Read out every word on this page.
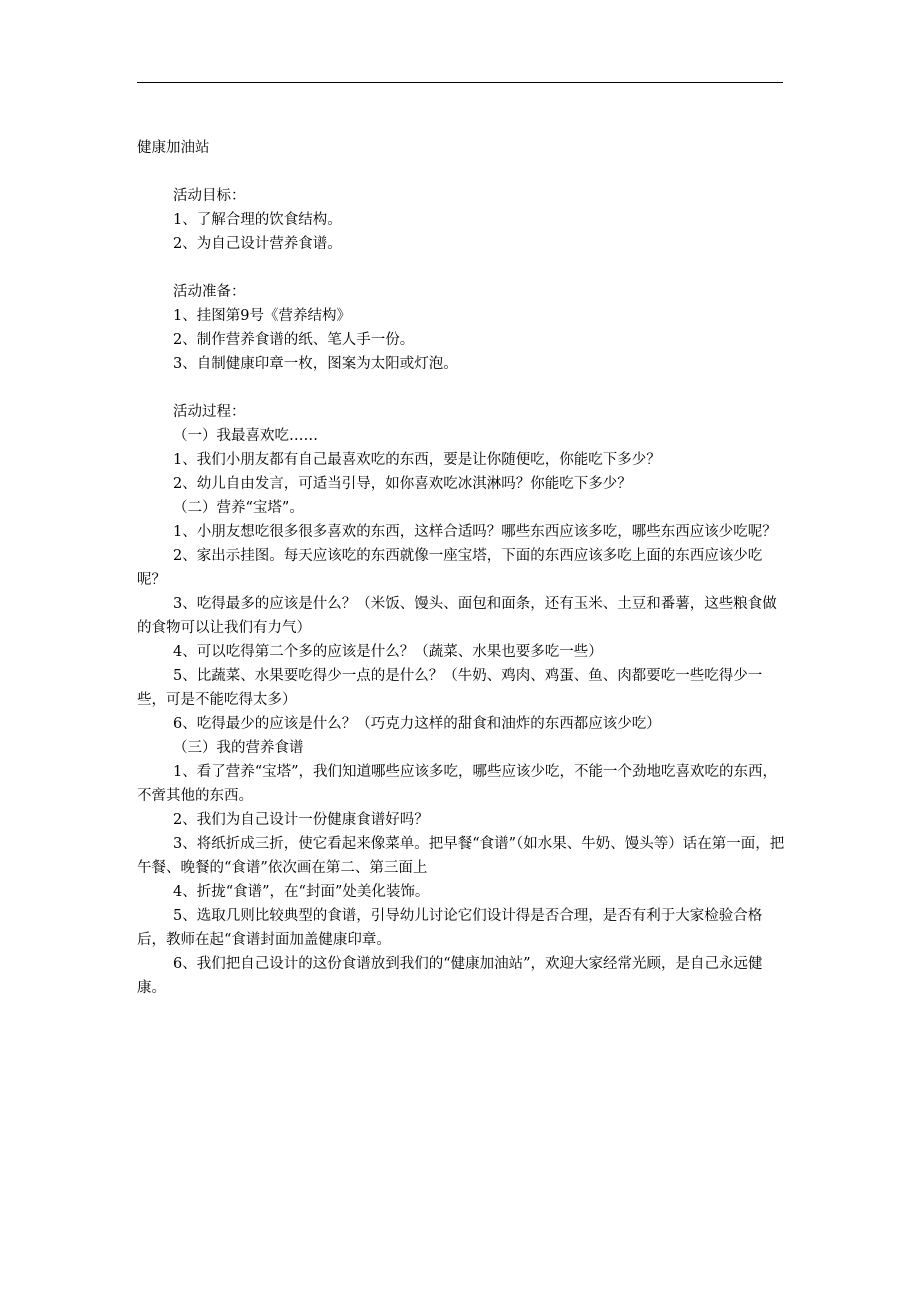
健康加油站

活动目标：

1、了解合理的饮食结构。

2、为自己设计营养食谱。

活动准备：

1、挂图第9号《营养结构》

2、制作营养食谱的纸、笔人手一份。

3、自制健康印章一枚，图案为太阳或灯泡。

活动过程：

（一）我最喜欢吃……

1、我们小朋友都有自己最喜欢吃的东西，要是让你随便吃，你能吃下多少？

2、幼儿自由发言，可适当引导，如你喜欢吃冰淇淋吗？你能吃下多少？

（二）营养“宝塔”。

1、小朋友想吃很多很多喜欢的东西，这样合适吗？哪些东西应该多吃，哪些东西应该少吃呢？

2、家出示挂图。每天应该吃的东西就像一座宝塔，下面的东西应该多吃上面的东西应该少吃呢？

3、吃得最多的应该是什么？（米饭、馒头、面包和面条，还有玉米、土豆和番薯，这些粮食做的食物可以让我们有力气）

4、可以吃得第二个多的应该是什么？（蔬菜、水果也要多吃一些）

5、比蔬菜、水果要吃得少一点的是什么？（牛奶、鸡肉、鸡蛋、鱼、肉都要吃一些吃得少一些，可是不能吃得太多）

6、吃得最少的应该是什么？（巧克力这样的甜食和油炸的东西都应该少吃）

（三）我的营养食谱

1、看了营养“宝塔”，我们知道哪些应该多吃，哪些应该少吃，不能一个劲地吃喜欢吃的东西，不啻其他的东西。

2、我们为自己设计一份健康食谱好吗？

3、将纸折成三折，使它看起来像菜单。把早餐“食谱”（如水果、牛奶、馒头等）话在第一面，把午餐、晚餐的“食谱”依次画在第二、第三面上

4、折拢“食谱”，在“封面”处美化装饰。

5、选取几则比较典型的食谱，引导幼儿讨论它们设计得是否合理，是否有利于大家检验合格后，教师在起“食谱封面加盖健康印章。

6、我们把自己设计的这份食谱放到我们的“健康加油站”，欢迎大家经常光顾，是自己永远健康。
